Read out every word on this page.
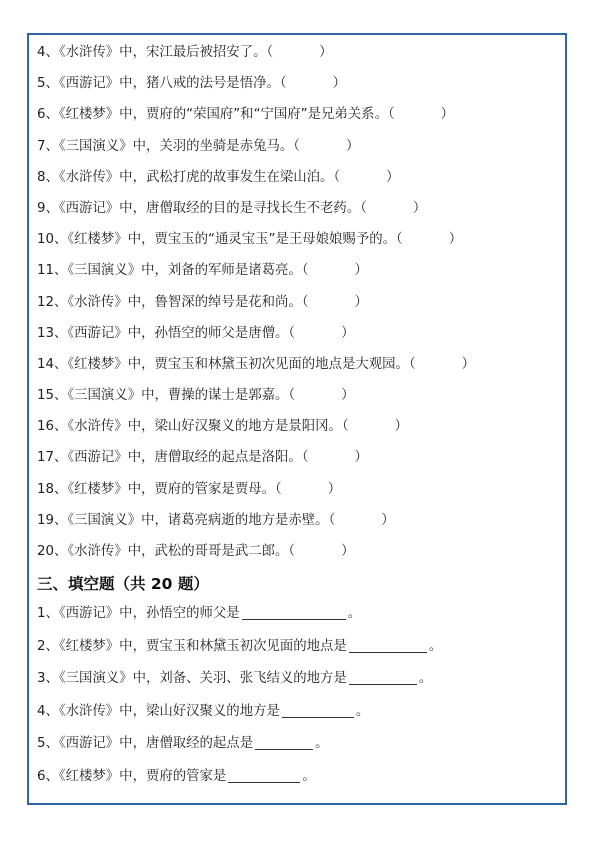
4、《水浒传》中，宋江最后被招安了。（	）
5、《西游记》中，猪八戒的法号是悟净。（	）
6、《红楼梦》中，贾府的“荣国府”和“宁国府”是兄弟关系。（	）
7、《三国演义》中，关羽的坐骑是赤兔马。（	）
8、《水浒传》中，武松打虎的故事发生在梁山泊。（	）
9、《西游记》中，唐僧取经的目的是寻找长生不老药。（	）
10、《红楼梦》中，贾宝玉的“通灵宝玉”是王母娘娘赐予的。（	）
11、《三国演义》中，刘备的军师是诸葛亮。（	）
12、《水浒传》中，鲁智深的绰号是花和尚。（	）
13、《西游记》中，孙悟空的师父是唐僧。（	）
14、《红楼梦》中，贾宝玉和林黛玉初次见面的地点是大观园。（	）
15、《三国演义》中，曹操的谋士是郭嘉。（	）
16、《水浒传》中，梁山好汉聚义的地方是景阳冈。（	）
17、《西游记》中，唐僧取经的起点是洛阳。（	）
18、《红楼梦》中，贾府的管家是贾母。（	）
19、《三国演义》中，诸葛亮病逝的地方是赤壁。（	）
20、《水浒传》中，武松的哥哥是武二郎。（	）
三、填空题（共 20 题）
1、《西游记》中，孙悟空的师父是	。
2、《红楼梦》中，贾宝玉和林黛玉初次见面的地点是	。
3、《三国演义》中，刘备、关羽、张飞结义的地方是	。
4、《水浒传》中，梁山好汉聚义的地方是	。
5、《西游记》中，唐僧取经的起点是	。
6、《红楼梦》中，贾府的管家是	。
